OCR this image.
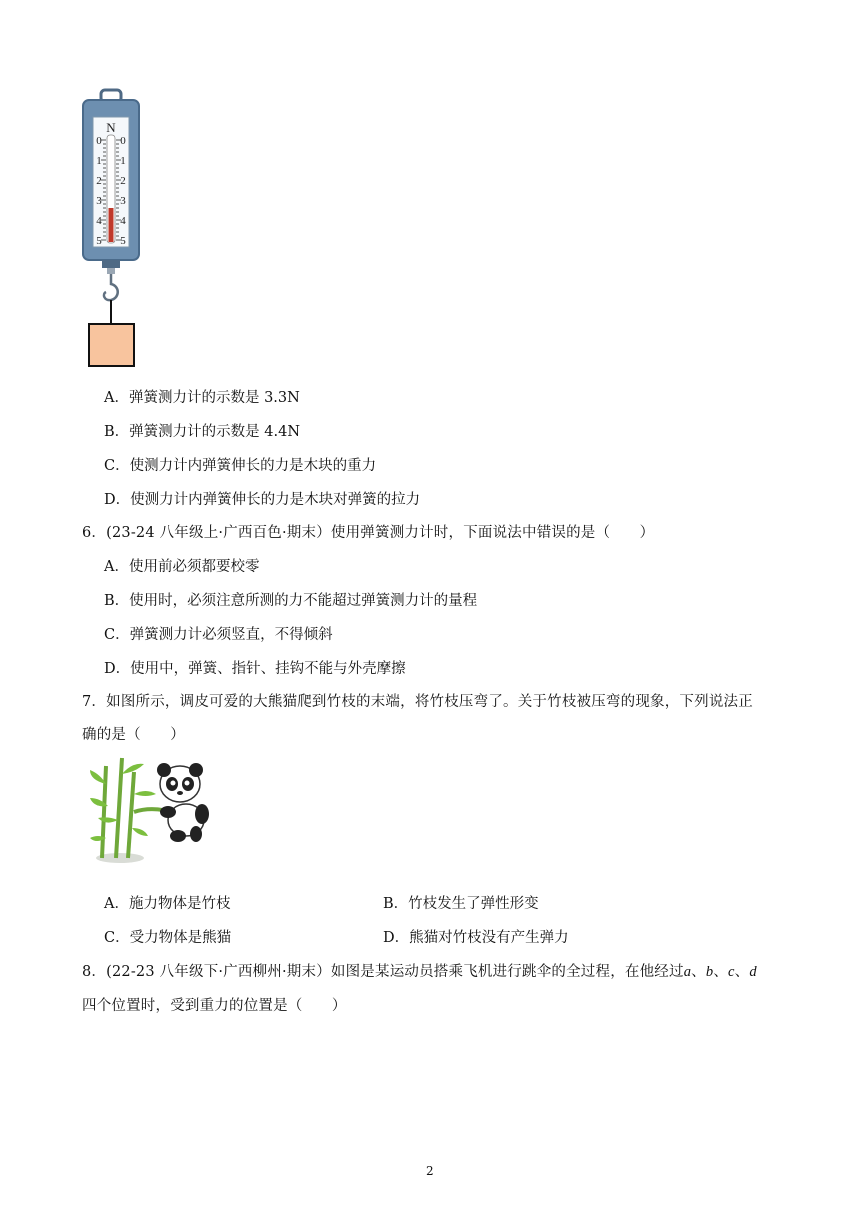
N
0 0
1 1
2 2
3 3
4 4
5 5
A．弹簧测力计的示数是 3.3N
B．弹簧测力计的示数是 4.4N
C．使测力计内弹簧伸长的力是木块的重力
D．使测力计内弹簧伸长的力是木块对弹簧的拉力
6．(23-24 八年级上·广西百色·期末）使用弹簧测力计时，下面说法中错误的是（　　）
A．使用前必须都要校零
B．使用时，必须注意所测的力不能超过弹簧测力计的量程
C．弹簧测力计必须竖直，不得倾斜
D．使用中，弹簧、指针、挂钩不能与外壳摩擦
7．如图所示，调皮可爱的大熊猫爬到竹枝的末端，将竹枝压弯了。关于竹枝被压弯的现象，下列说法正
确的是（　　）
A．施力物体是竹枝	B．竹枝发生了弹性形变
C．受力物体是熊猫	D．熊猫对竹枝没有产生弹力
8．(22-23 八年级下·广西柳州·期末）如图是某运动员搭乘飞机进行跳伞的全过程，在他经过a、b、c、d
四个位置时，受到重力的位置是（　　）
2
